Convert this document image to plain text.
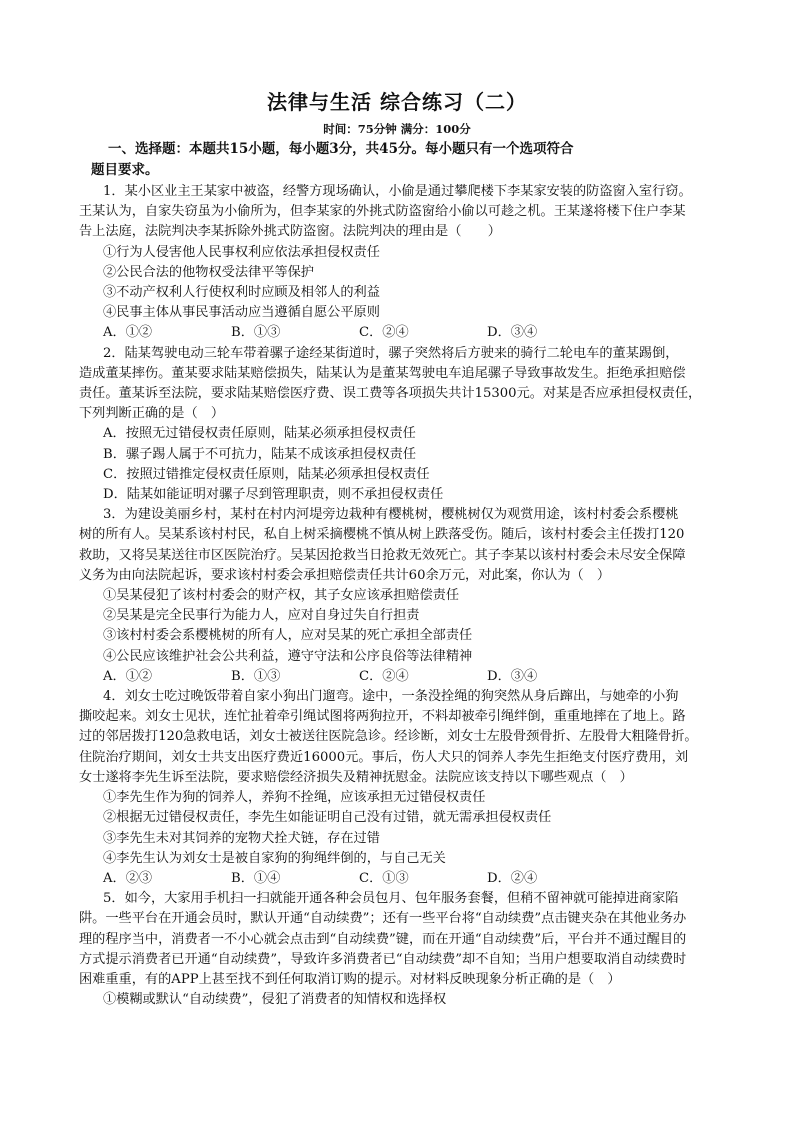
法律与生活 综合练习（二）
时间：75分钟 满分：100分
一、选择题：本题共15小题，每小题3分，共45分。每小题只有一个选项符合
题目要求。
1．某小区业主王某家中被盗，经警方现场确认，小偷是通过攀爬楼下李某家安装的防盗窗入室行窃。
王某认为，自家失窃虽为小偷所为，但李某家的外挑式防盗窗给小偷以可趁之机。王某遂将楼下住户李某
告上法庭，法院判决李某拆除外挑式防盗窗。法院判决的理由是（　　）
①行为人侵害他人民事权利应依法承担侵权责任
②公民合法的他物权受法律平等保护
③不动产权利人行使权利时应顾及相邻人的利益
④民事主体从事民事活动应当遵循自愿公平原则
A．①②	B．①③	C．②④	D．③④
2．陆某驾驶电动三轮车带着骡子途经某街道时，骡子突然将后方驶来的骑行二轮电车的董某踢倒，
造成董某摔伤。董某要求陆某赔偿损失，陆某认为是董某驾驶电车追尾骡子导致事故发生。拒绝承担赔偿
责任。董某诉至法院，要求陆某赔偿医疗费、误工费等各项损失共计15300元。对某是否应承担侵权责任，
下列判断正确的是（　）
A．按照无过错侵权责任原则，陆某必须承担侵权责任
B．骡子踢人属于不可抗力，陆某不成该承担侵权责任
C．按照过错推定侵权责任原则，陆某必须承担侵权责任
D．陆某如能证明对骡子尽到管理职责，则不承担侵权责任
3．为建设美丽乡村，某村在村内河堤旁边栽种有樱桃树，樱桃树仅为观赏用途，该村村委会系樱桃
树的所有人。吴某系该村村民，私自上树采摘樱桃不慎从树上跌落受伤。随后，该村村委会主任拨打120
救助，又将吴某送往市区医院治疗。吴某因抢救当日抢救无效死亡。其子李某以该村村委会未尽安全保障
义务为由向法院起诉，要求该村村委会承担赔偿责任共计60余万元，对此案，你认为（　）
①吴某侵犯了该村村委会的财产权，其子女应该承担赔偿责任
②吴某是完全民事行为能力人，应对自身过失自行担责
③该村村委会系樱桃树的所有人，应对吴某的死亡承担全部责任
④公民应该维护社会公共利益，遵守守法和公序良俗等法律精神
A．①②	B．①③	C．②④	D．③④
4．刘女士吃过晚饭带着自家小狗出门遛弯。途中，一条没拴绳的狗突然从身后蹿出，与她牵的小狗
撕咬起来。刘女士见状，连忙扯着牵引绳试图将两狗拉开，不料却被牵引绳绊倒，重重地摔在了地上。路
过的邻居拨打120急救电话，刘女士被送往医院急诊。经诊断，刘女士左股骨颈骨折、左股骨大粗隆骨折。
住院治疗期间，刘女士共支出医疗费近16000元。事后，伤人犬只的饲养人李先生拒绝支付医疗费用，刘
女士遂将李先生诉至法院，要求赔偿经济损失及精神抚慰金。法院应该支持以下哪些观点（　）
①李先生作为狗的饲养人，养狗不拴绳，应该承担无过错侵权责任
②根据无过错侵权责任，李先生如能证明自己没有过错，就无需承担侵权责任
③李先生未对其饲养的宠物犬拴犬链，存在过错
④李先生认为刘女士是被自家狗的狗绳绊倒的，与自己无关
A．②③	B．①④	C．①③	D．②④
5．如今，大家用手机扫一扫就能开通各种会员包月、包年服务套餐，但稍不留神就可能掉进商家陷
阱。一些平台在开通会员时，默认开通“自动续费”；还有一些平台将“自动续费”点击键夹杂在其他业务办
理的程序当中，消费者一不小心就会点击到“自动续费”键，而在开通“自动续费”后，平台并不通过醒目的
方式提示消费者已开通“自动续费”，导致许多消费者已“自动续费”却不自知；当用户想要取消自动续费时
困难重重，有的APP上甚至找不到任何取消订购的提示。对材料反映现象分析正确的是（　）
①模糊或默认“自动续费”，侵犯了消费者的知情权和选择权
